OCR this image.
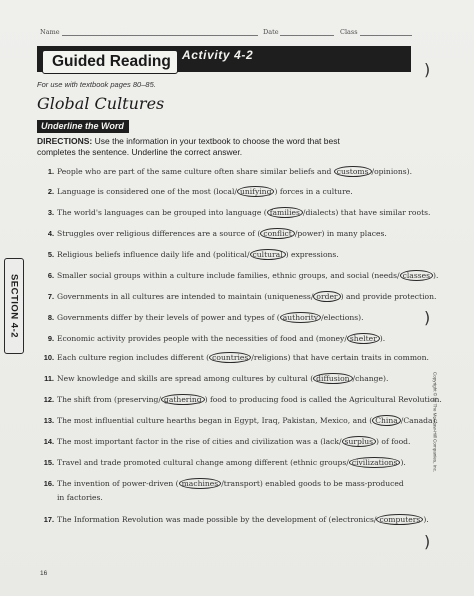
Name	Date	Class
Guided Reading Activity 4-2
For use with textbook pages 80–85.
Global Cultures
Underline the Word
DIRECTIONS: Use the information in your textbook to choose the word that best completes the sentence. Underline the correct answer.
1. People who are part of the same culture often share similar beliefs and customs /opinions).
2. Language is considered one of the most (local/ unifying ) forces in a culture.
3. The world's languages can be grouped into language ( families /dialects) that have similar roots.
4. Struggles over religious differences are a source of ( conflict /power) in many places.
5. Religious beliefs influence daily life and (political/ cultural ) expressions.
6. Smaller social groups within a culture include families, ethnic groups, and social (needs/ classes ).
7. Governments in all cultures are intended to maintain (uniqueness/ order ) and provide protection.
8. Governments differ by their levels of power and types of ( authority /elections).
9. Economic activity provides people with the necessities of food and (money/ shelter ).
10. Each culture region includes different ( countries /religions) that have certain traits in common.
11. New knowledge and skills are spread among cultures by cultural ( diffusion /change).
12. The shift from (preserving/ gathering ) food to producing food is called the Agricultural Revolution.
13. The most influential culture hearths began in Egypt, Iraq, Pakistan, Mexico, and ( China /Canada).
14. The most important factor in the rise of cities and civilization was a (lack/ surplus ) of food.
15. Travel and trade promoted cultural change among different (ethnic groups/ civilizations ).
16. The invention of power-driven ( machines /transport) enabled goods to be mass-produced
in factories.
17. The Information Revolution was made possible by the development of (electronics/ computers ).
SECTION 4-2
Copyright © by The McGraw-Hill Companies, Inc.
)
)
)
16
